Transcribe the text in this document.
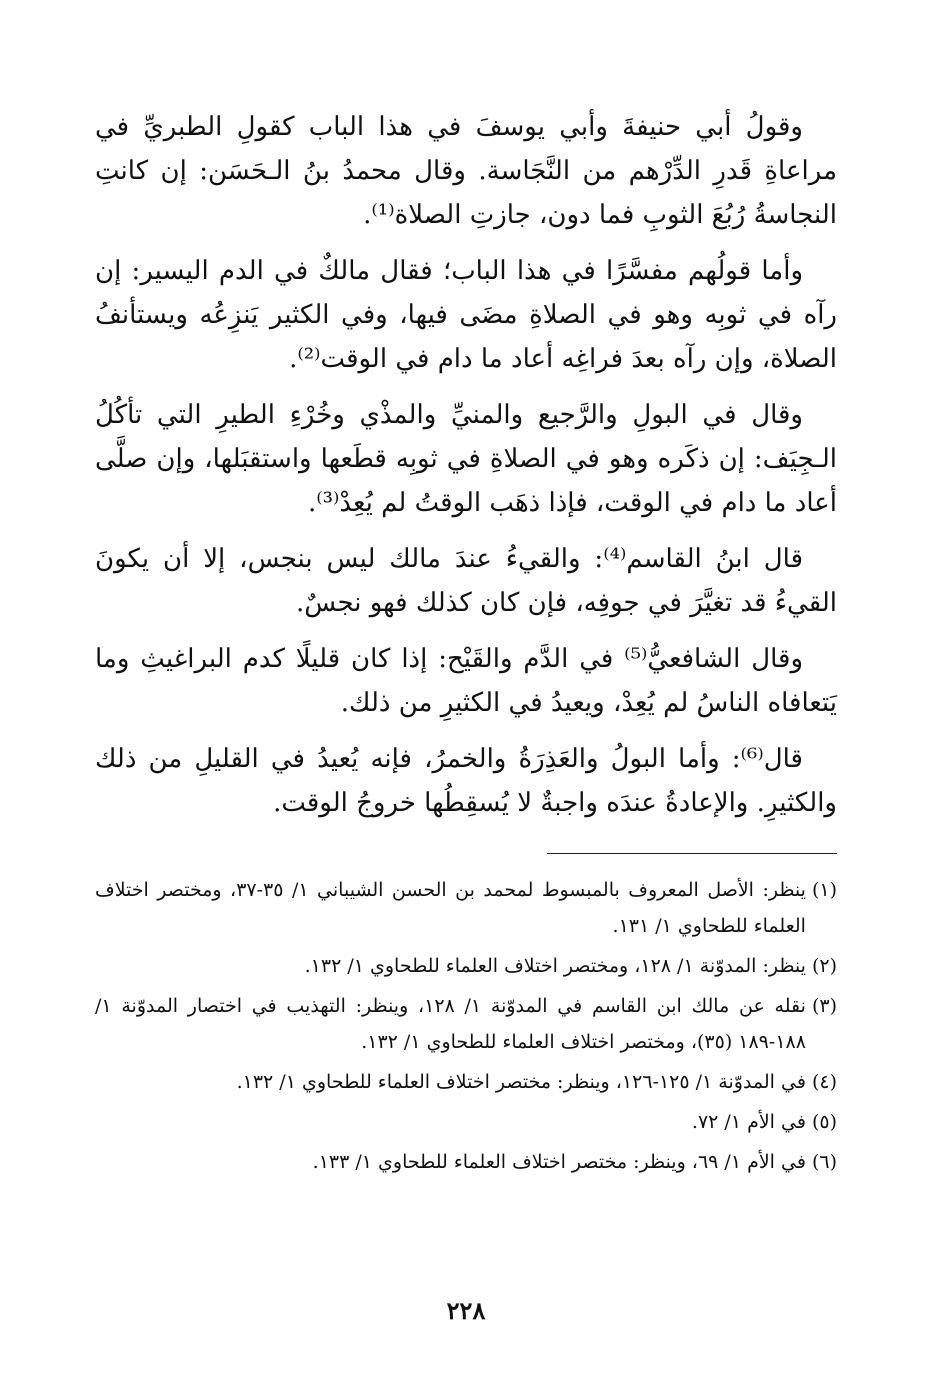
وقولُ أبي حنيفةَ وأبي يوسفَ في هذا الباب كقولِ الطبريِّ في مراعاةِ قَدرِ الدِّرْهم من النَّجَاسة. وقال محمدُ بنُ الـحَسَن: إن كانتِ النجاسةُ رُبُعَ الثوبِ فما دون، جازتِ الصلاة⁽¹⁾.

وأما قولُهم مفسَّرًا في هذا الباب؛ فقال مالكٌ في الدم اليسير: إن رآه في ثوبِه وهو في الصلاةِ مضَى فيها، وفي الكثير يَنزِعُه ويستأنفُ الصلاة، وإن رآه بعدَ فراغِه أعاد ما دام في الوقت⁽²⁾.

وقال في البولِ والرَّجيع والمنيِّ والمذْي وخُرْءِ الطيرِ التي تأكُلُ الـجِيَف: إن ذكَره وهو في الصلاةِ في ثوبِه قطَعها واستقبَلها، وإن صلَّى أعاد ما دام في الوقت، فإذا ذهَب الوقتُ لم يُعِدْ⁽³⁾.

قال ابنُ القاسم⁽⁴⁾: والقيءُ عندَ مالك ليس بنجس، إلا أن يكونَ القيءُ قد تغيَّرَ في جوفِه، فإن كان كذلك فهو نجسٌ.

وقال الشافعيُّ⁽⁵⁾ في الدَّم والقَيْح: إذا كان قليلًا كدم البراغيثِ وما يَتعافاه الناسُ لم يُعِدْ، ويعيدُ في الكثيرِ من ذلك.

قال⁽⁶⁾: وأما البولُ والعَذِرَةُ والخمرُ، فإنه يُعيدُ في القليلِ من ذلك والكثيرِ. والإعادةُ عندَه واجبةٌ لا يُسقِطُها خروجُ الوقت.

(١)
ينظر: الأصل المعروف بالمبسوط لمحمد بن الحسن الشيباني ١/ ٣٥-٣٧، ومختصر اختلاف العلماء للطحاوي ١/ ١٣١.
(٢)
ينظر: المدوّنة ١/ ١٢٨، ومختصر اختلاف العلماء للطحاوي ١/ ١٣٢.
(٣)
نقله عن مالك ابن القاسم في المدوّنة ١/ ١٢٨، وينظر: التهذيب في اختصار المدوّنة ١/ ١٨٨-١٨٩ (٣٥)، ومختصر اختلاف العلماء للطحاوي ١/ ١٣٢.
(٤)
في المدوّنة ١/ ١٢٥-١٢٦، وينظر: مختصر اختلاف العلماء للطحاوي ١/ ١٣٢.
(٥)
في الأم ١/ ٧٢.
(٦)
في الأم ١/ ٦٩، وينظر: مختصر اختلاف العلماء للطحاوي ١/ ١٣٣.
٢٢٨
